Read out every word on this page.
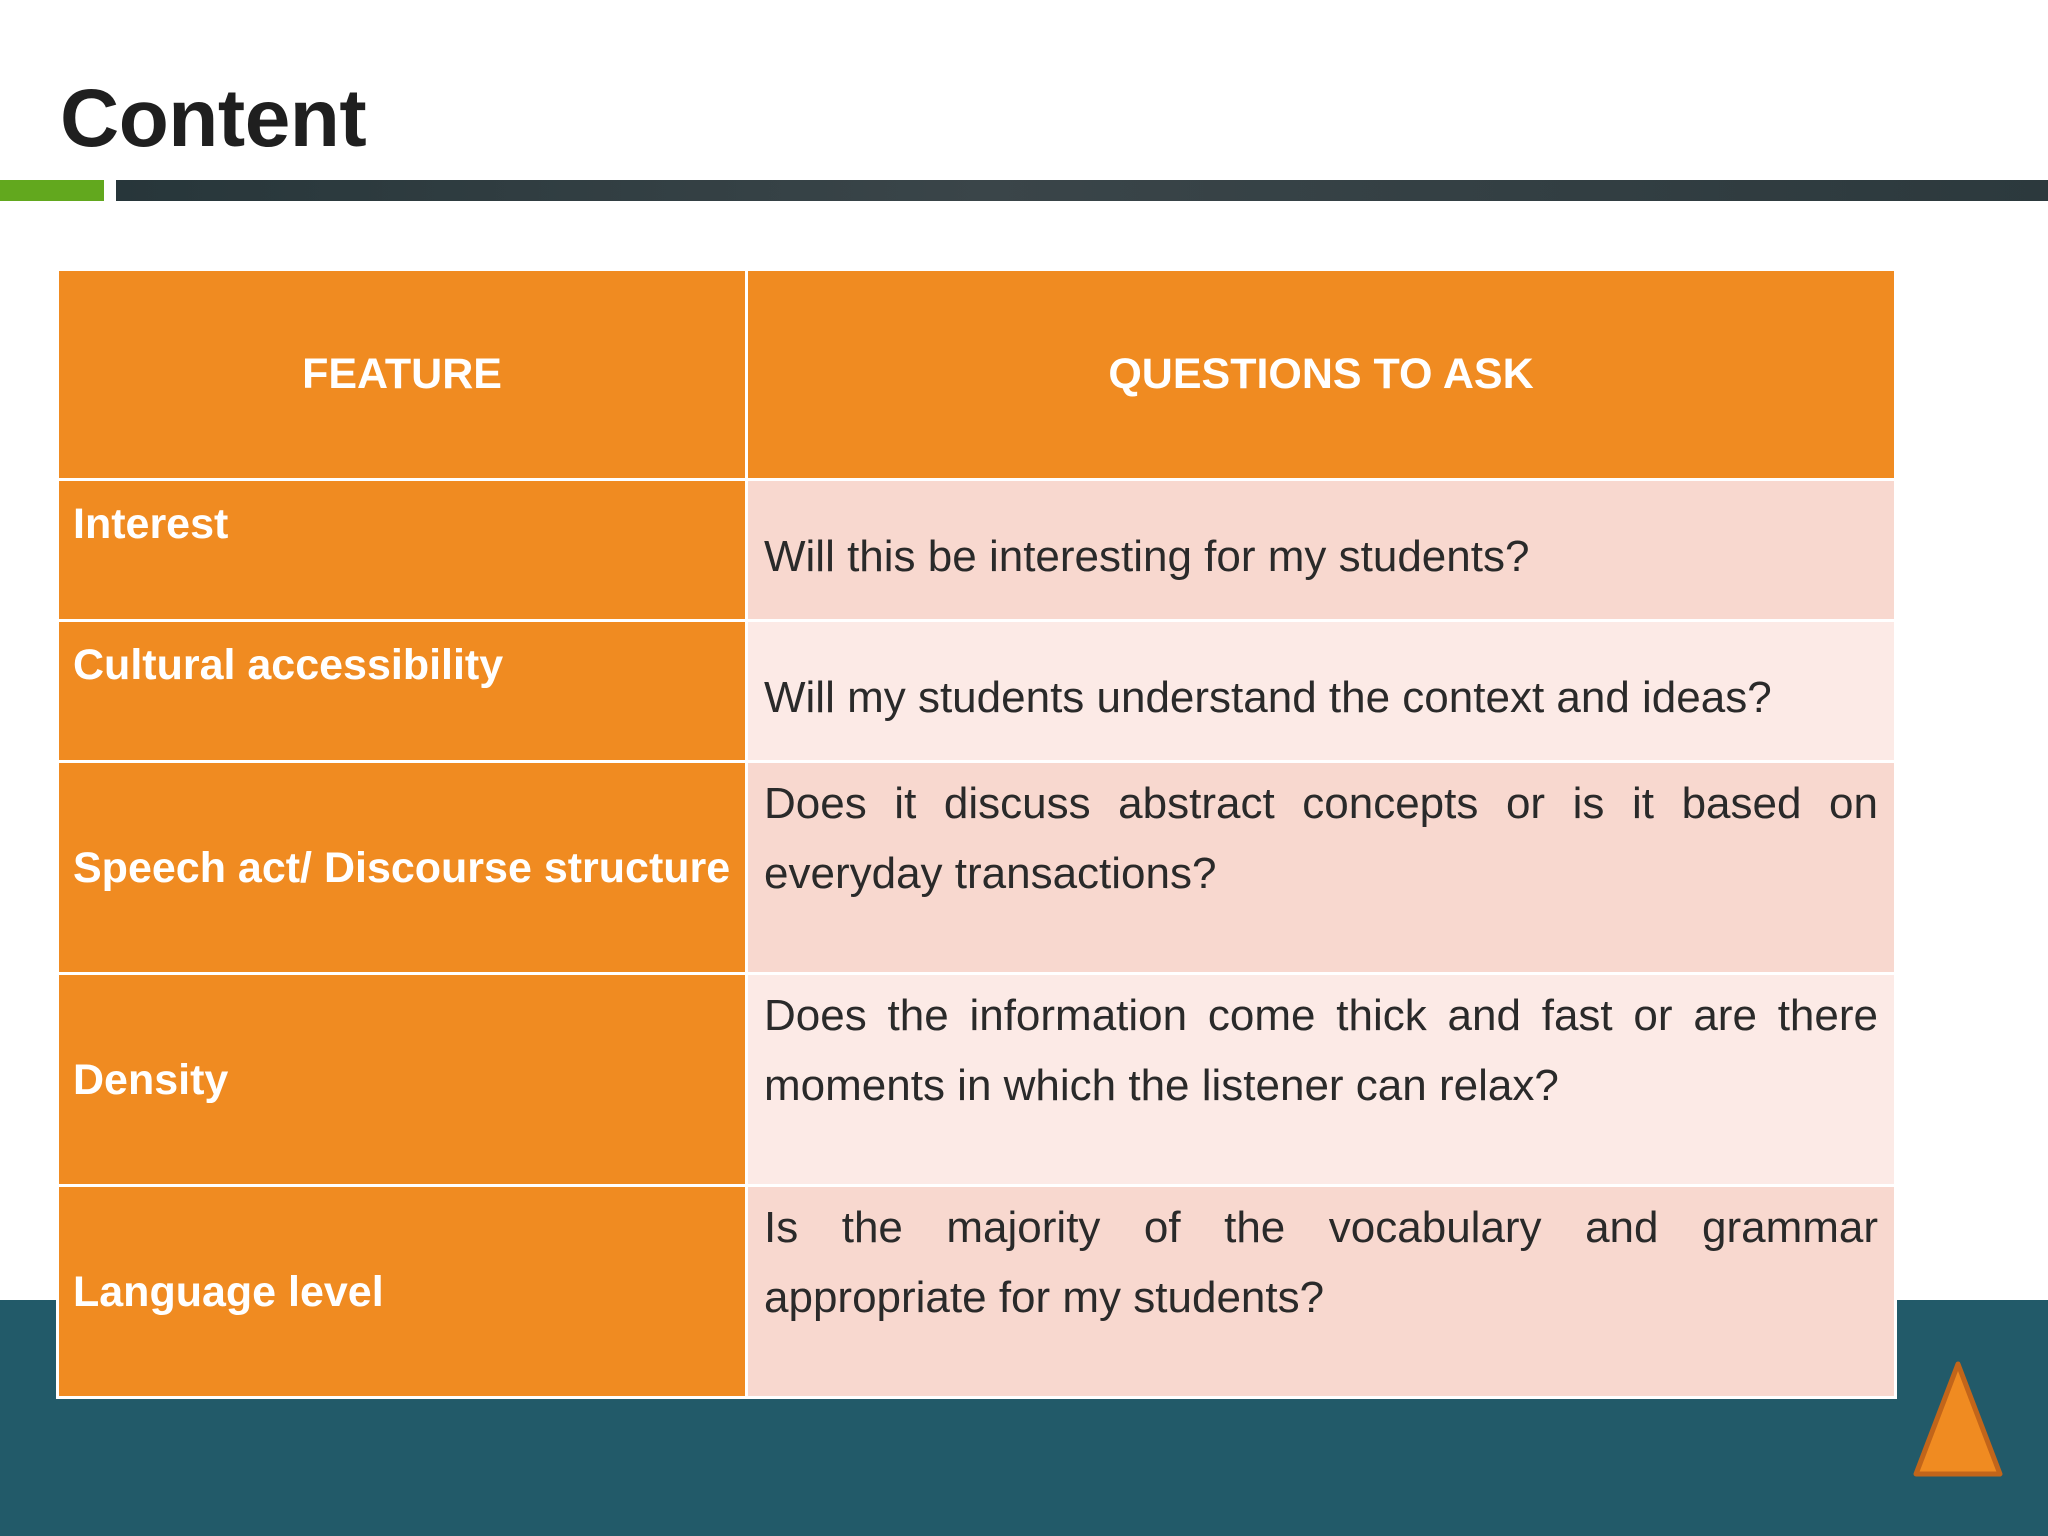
Content
FEATURE	QUESTIONS TO ASK
Interest	Will this be interesting for my students?
Cultural accessibility	Will my students understand the context and ideas?
Speech act/ Discourse structure	Does it discuss abstract concepts or is it based on everyday transactions?
Density	Does the information come thick and fast or are there moments in which the listener can relax?
Language level	Is the majority of the vocabulary and grammar appropriate for my students?
